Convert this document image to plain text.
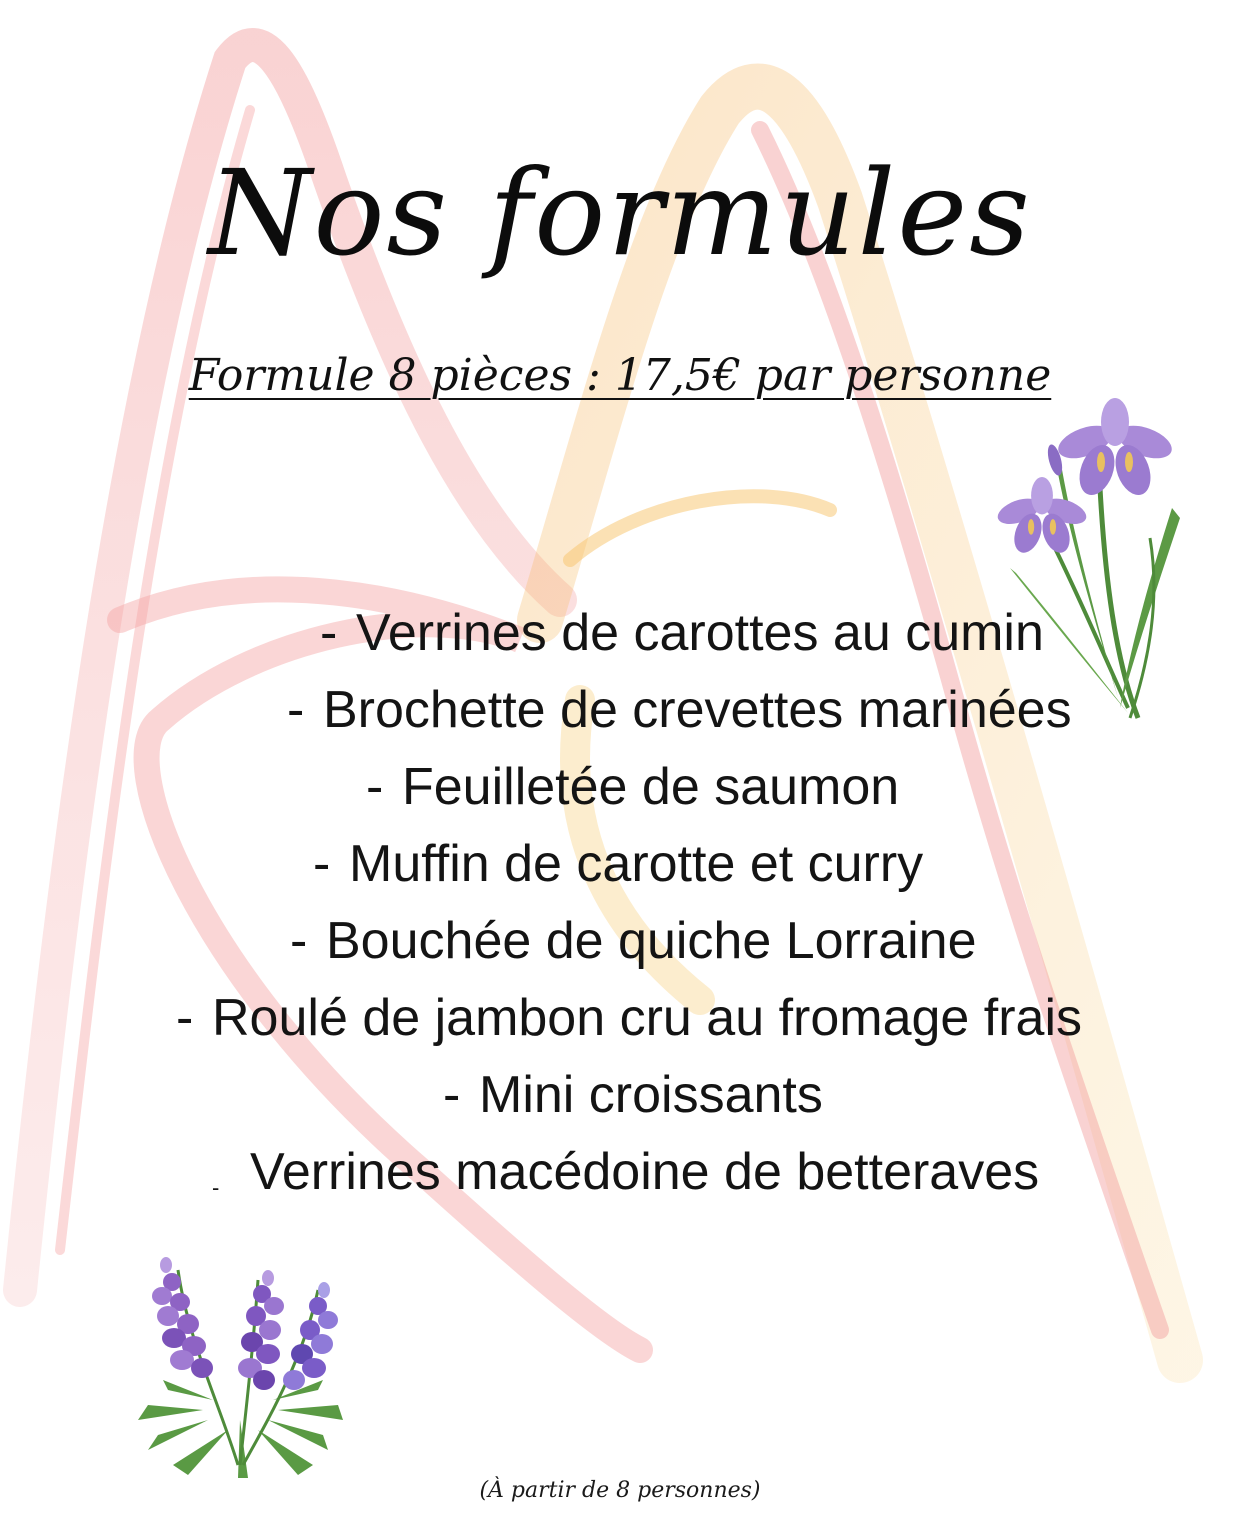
Nos formules
Formule 8 pièces : 17,5€ par personne
- Verrines de carottes au cumin
- Brochette de crevettes marinées
- Feuilletée de saumon
- Muffin de carotte et curry
- Bouchée de quiche Lorraine
- Roulé de jambon cru au fromage frais
- Mini croissants
- Verrines macédoine de betteraves
(À partir de 8 personnes)
